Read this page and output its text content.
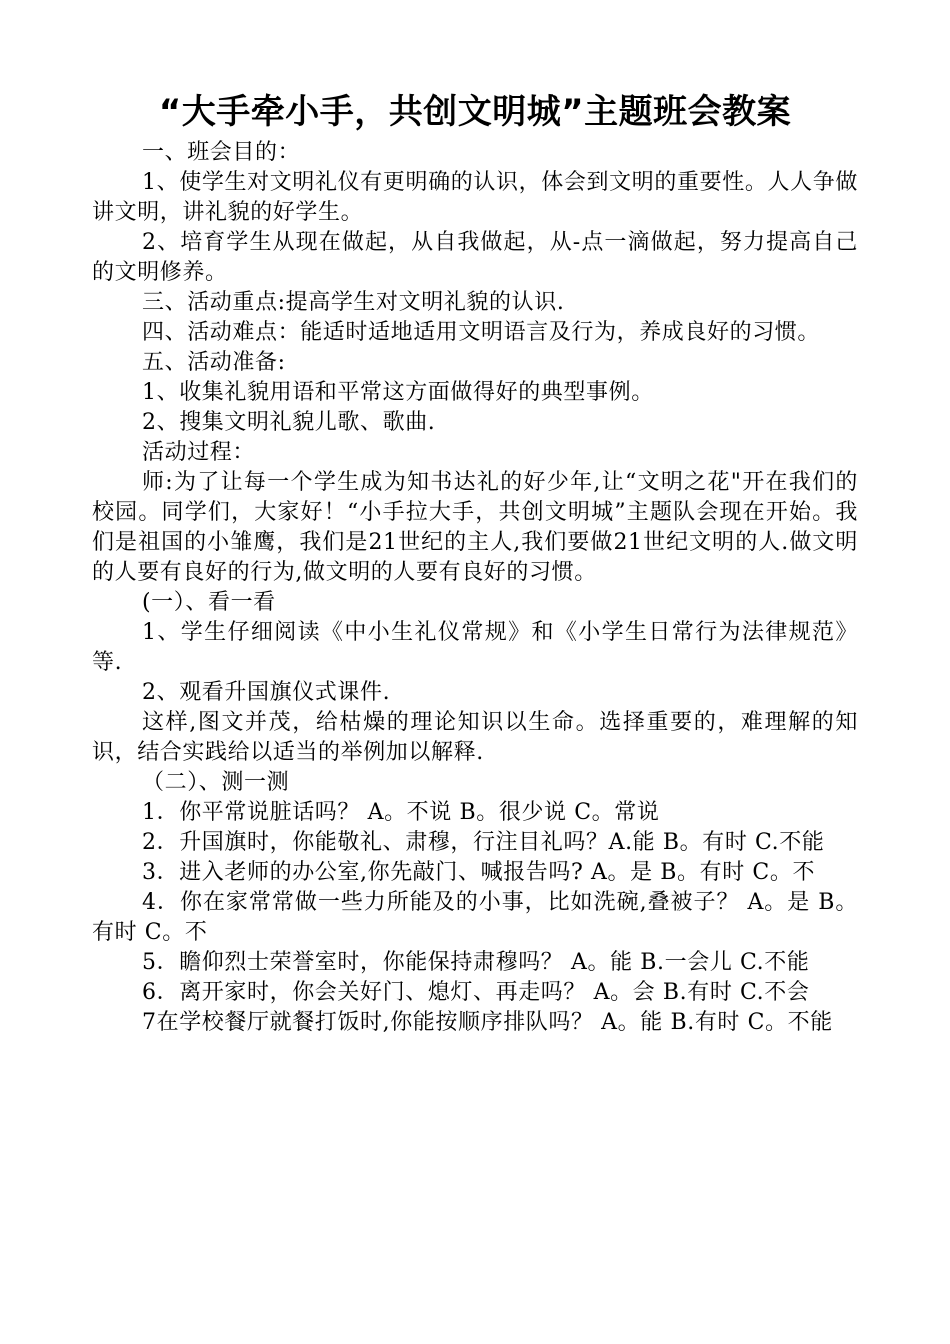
“大手牵小手，共创文明城”主题班会教案

一、班会目的：

1、使学生对文明礼仪有更明确的认识，体会到文明的重要性。人人争做讲文明，讲礼貌的好学生。

2、培育学生从现在做起，从自我做起，从-点一滴做起，努力提高自己的文明修养。

三、活动重点:提高学生对文明礼貌的认识.

四、活动难点：能适时适地适用文明语言及行为，养成良好的习惯。

五、活动准备:

1、收集礼貌用语和平常这方面做得好的典型事例。

2、搜集文明礼貌儿歌、歌曲.

活动过程：

师:为了让每一个学生成为知书达礼的好少年,让“文明之花"开在我们的校园。同学们，大家好！“小手拉大手，共创文明城”主题队会现在开始。我们是祖国的小雏鹰，我们是21世纪的主人,我们要做21世纪文明的人.做文明的人要有良好的行为,做文明的人要有良好的习惯。

(一）、看一看

1、学生仔细阅读《中小生礼仪常规》和《小学生日常行为法律规范》等.

2、观看升国旗仪式课件.

这样,图文并茂，给枯燥的理论知识以生命。选择重要的，难理解的知识，结合实践给以适当的举例加以解释.

（二）、测一测

1．你平常说脏话吗？ A。不说 B。很少说 C。常说

2．升国旗时，你能敬礼、肃穆，行注目礼吗？A.能 B。有时 C.不能

3．进入老师的办公室,你先敲门、喊报告吗? A。是 B。有时 C。不

4．你在家常常做一些力所能及的小事，比如洗碗,叠被子？ A。是 B。有时 C。不

5．瞻仰烈士荣誉室时，你能保持肃穆吗？ A。能 B.一会儿 C.不能

6．离开家时，你会关好门、熄灯、再走吗？ A。会 B.有时 C.不会

7在学校餐厅就餐打饭时,你能按顺序排队吗？ A。能 B.有时 C。不能
